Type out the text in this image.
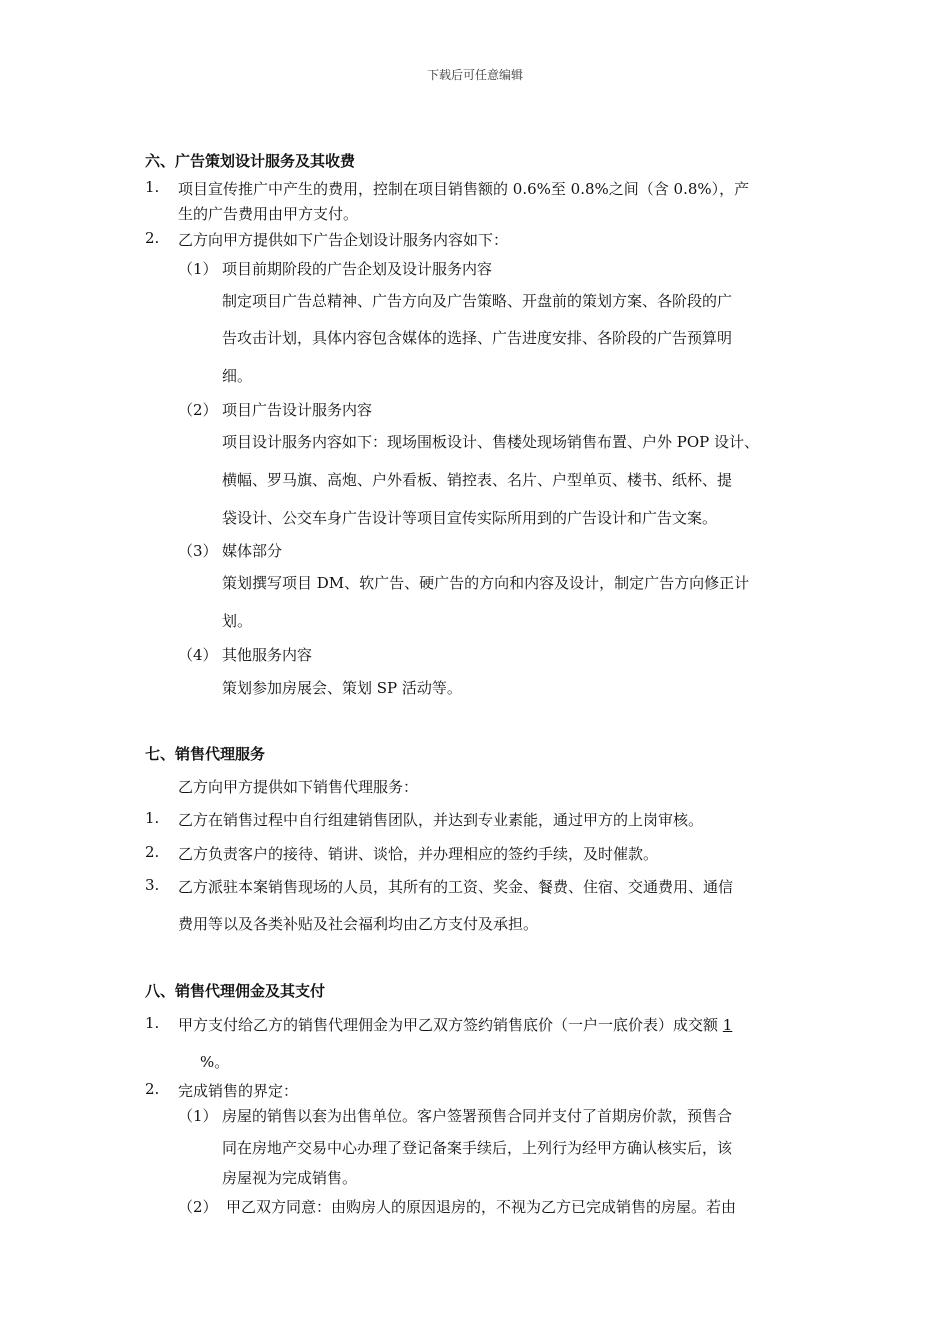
下载后可任意编辑
六、广告策划设计服务及其收费
1. 项目宣传推广中产生的费用，控制在项目销售额的 0.6%至 0.8%之间（含 0.8%），产
生的广告费用由甲方支付。
2. 乙方向甲方提供如下广告企划设计服务内容如下：
（1） 项目前期阶段的广告企划及设计服务内容
制定项目广告总精神、广告方向及广告策略、开盘前的策划方案、各阶段的广
告攻击计划，具体内容包含媒体的选择、广告进度安排、各阶段的广告预算明
细。
（2） 项目广告设计服务内容
项目设计服务内容如下：现场围板设计、售楼处现场销售布置、户外 POP 设计、
横幅、罗马旗、高炮、户外看板、销控表、名片、户型单页、楼书、纸杯、提
袋设计、公交车身广告设计等项目宣传实际所用到的广告设计和广告文案。
（3） 媒体部分
策划撰写项目 DM、软广告、硬广告的方向和内容及设计，制定广告方向修正计
划。
（4） 其他服务内容
策划参加房展会、策划 SP 活动等。
七、销售代理服务
乙方向甲方提供如下销售代理服务：
1. 乙方在销售过程中自行组建销售团队，并达到专业素能，通过甲方的上岗审核。
2. 乙方负责客户的接待、销讲、谈恰，并办理相应的签约手续，及时催款。
3. 乙方派驻本案销售现场的人员，其所有的工资、奖金、餐费、住宿、交通费用、通信
费用等以及各类补贴及社会福利均由乙方支付及承担。
八、销售代理佣金及其支付
1. 甲方支付给乙方的销售代理佣金为甲乙双方签约销售底价（一户一底价表）成交额 1
%。
2. 完成销售的界定：
（1） 房屋的销售以套为出售单位。客户签署预售合同并支付了首期房价款，预售合
同在房地产交易中心办理了登记备案手续后，上列行为经甲方确认核实后，该
房屋视为完成销售。
（2） 甲乙双方同意：由购房人的原因退房的，不视为乙方已完成销售的房屋。若由
